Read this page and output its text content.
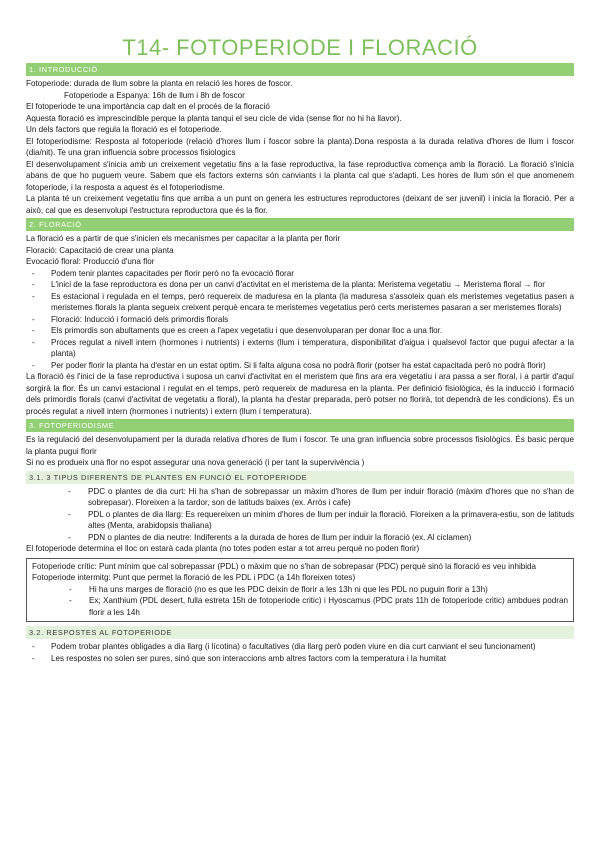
T14- FOTOPERIODE I FLORACIÓ
1. INTRODUCCIÓ

Fotoperiode: durada de llum sobre la planta en relació les hores de foscor.

Fotoperiode a Espanya: 16h de llum i 8h de foscor

El fotoperiode te una importància cap dalt en el procés de la floració

Aquesta floració es imprescindible perque la planta tanqui el seu cicle de vida (sense flor no hi ha llavor).

Un dels factors que regula la floració es el fotoperiode.

El fotoperiodisme: Resposta al fotoperiode (relació d'hores llum i foscor sobre la planta).Dona resposta a la durada relativa d'hores de llum i foscor (dia/nit). Te una gran influencia sobre processos fisiologics

El desenvolupament s'inicia amb un creixement vegetatiu fins a la fase reproductiva, la fase reproductiva comença amb la floració. La floració s'inicia abans de que ho puguem veure. Sabem que els factors externs són canviants i la planta cal que s'adapti. Les hores de llum són el que anomenem fotoperiode, i la resposta a aquest és el fotoperiodisme.

La planta té un creixement vegetatiu fins que arriba a un punt on genera les estructures reproductores (deixant de ser juvenil) i inicia la floració. Per a això, cal que es desenvolupi l'estructura reproductora que és la flor.

2. FLORACIÓ

La floració es a partir de que s'inicien els mecanismes per capacitar a la planta per florir

Floració: Capacitació de crear una planta

Evocació floral: Producció d'una flor

- Podem tenir plantes capacitades per florir però no fa evocació florar
- L'inici de la fase reproductora es dona per un canvi d'activitat en el meristema de la planta: Meristema vegetatiu → Meristema floral → flor
- Es estacional i regulada en el temps, però requereix de maduresa en la planta (la maduresa s'assoleix quan els meristemes vegetatius pasen a meristemes florals la planta segueix creixent perquè encara te meristemes vegetatius però certs meristemes pasaran a ser meristemes florals)
- Floració: Inducció i formació dels primordis florals
- Els primordis son abultaments que es creen a l'apex vegetatiu i que desenvoluparan per donar lloc a una flor.
- Proces regulat a nivell intern (hormones i nutrients) i externs (llum i temperatura, disponibilitat d'aigua i qualsevol factor que pugui afectar a la planta)
- Per poder florir la planta ha d'estar en un estat optim. Si li falta alguna cosa no podrà florir (potser ha estat capacitada però no podrà florir)

La floració és l'inici de la fase reproductiva i suposa un canvi d'activitat en el meristem que fins ara era vegetatiu i ara passa a ser floral, i a partir d'aquí sorgirà la flor. És un canvi estacional i regulat en el temps, però requereix de maduresa en la planta. Per definició fisiològica, és la inducció i formació dels primordis florals (canvi d'activitat de vegetatiu a floral), la planta ha d'estar preparada, però potser no florirà, tot dependrà de les condicions). És un procés regulat a nivell intern (hormones i nutrients) i extern (llum i temperatura).

3. FOTOPERIODISME

Es la regulació del desenvolupament per la durada relativa d'hores de llum i foscor. Te una gran influencia sobre processos fisiològics. És basic perque la planta pugui florir

Si no es produeix una flor no espot assegurar una nova generació (i per tant la supervivència )

3.1. 3 TIPUS DIFERENTS DE PLANTES EN FUNCIÓ EL FOTOPERIODE
- PDC o plantes de dia curt: Hi ha s'han de sobrepassar un màxim d'hores de llum per induir floració (màxim d'hores que no s'han de sobrepasar). Floreixen a la tardor, son de latituds baixes (ex. Arròs i cafe)
- PDL o plantes de dia llarg: Es requereixen un minim d'hores de llum per induir la floració. Floreixen a la primavera-estiu, son de latituds altes (Menta, arabidopsis thaliana)
- PDN o plantes de dia neutre: Indiferents a la durada de hores de llum per induir la floració (ex. Al ciclamen)

El fotoperiode determina el lloc on estarà cada planta (no totes poden estar a tot arreu perquè no poden florir)

Fotoperiode crític: Punt mínim que cal sobrepassar (PDL) o màxim que no s'han de sobrepasar (PDC) perquè sinó la floració es veu inhibida

Fotoperiode intermitg: Punt que permet la floració de les PDL i PDC (a 14h floreixen totes)

- Hi ha uns marges de floració (no es que les PDC deixin de florir a les 13h ni que les PDL no puguin florir a 13h)
- Ex; Xanthium (PDL desert, fulla estreta 15h de fotoperiode critic) i Hyoscamus (PDC prats 11h de fotoperiode critic) ambdues podran florir a les 14h
3.2. RESPOSTES AL FOTOPERIODE
- Podem trobar plantes obligades a dia llarg (i lícotina) o facultatives (dia llarg però poden viure en dia curt canviant el seu funcionament)
- Les respostes no solen ser pures, sinó que son interaccions amb altres factors com la temperatura i la humitat
